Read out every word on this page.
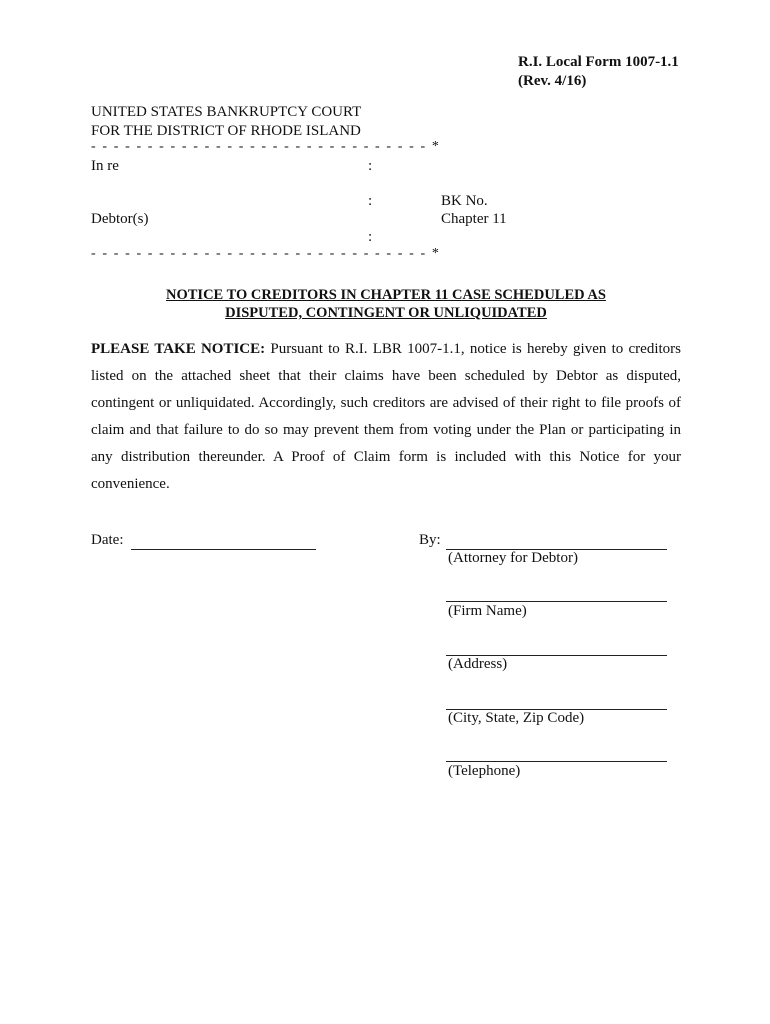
R.I. Local Form 1007-1.1
(Rev. 4/16)
UNITED STATES BANKRUPTCY COURT
FOR THE DISTRICT OF RHODE ISLAND
- - - - - - - - - - - - - - - - - - - - - - - - - - - - - - *
In re	:
:	BK No.
Debtor(s)	Chapter 11
:
- - - - - - - - - - - - - - - - - - - - - - - - - - - - - - *
NOTICE TO CREDITORS IN CHAPTER 11 CASE SCHEDULED AS
DISPUTED, CONTINGENT OR UNLIQUIDATED
PLEASE TAKE NOTICE: Pursuant to R.I. LBR 1007-1.1, notice is hereby given to creditors listed on the attached sheet that their claims have been scheduled by Debtor as disputed, contingent or unliquidated. Accordingly, such creditors are advised of their right to file proofs of claim and that failure to do so may prevent them from voting under the Plan or participating in any distribution thereunder. A Proof of Claim form is included with this Notice for your convenience.
Date:	By:
(Attorney for Debtor)
(Firm Name)
(Address)
(City, State, Zip Code)
(Telephone)
